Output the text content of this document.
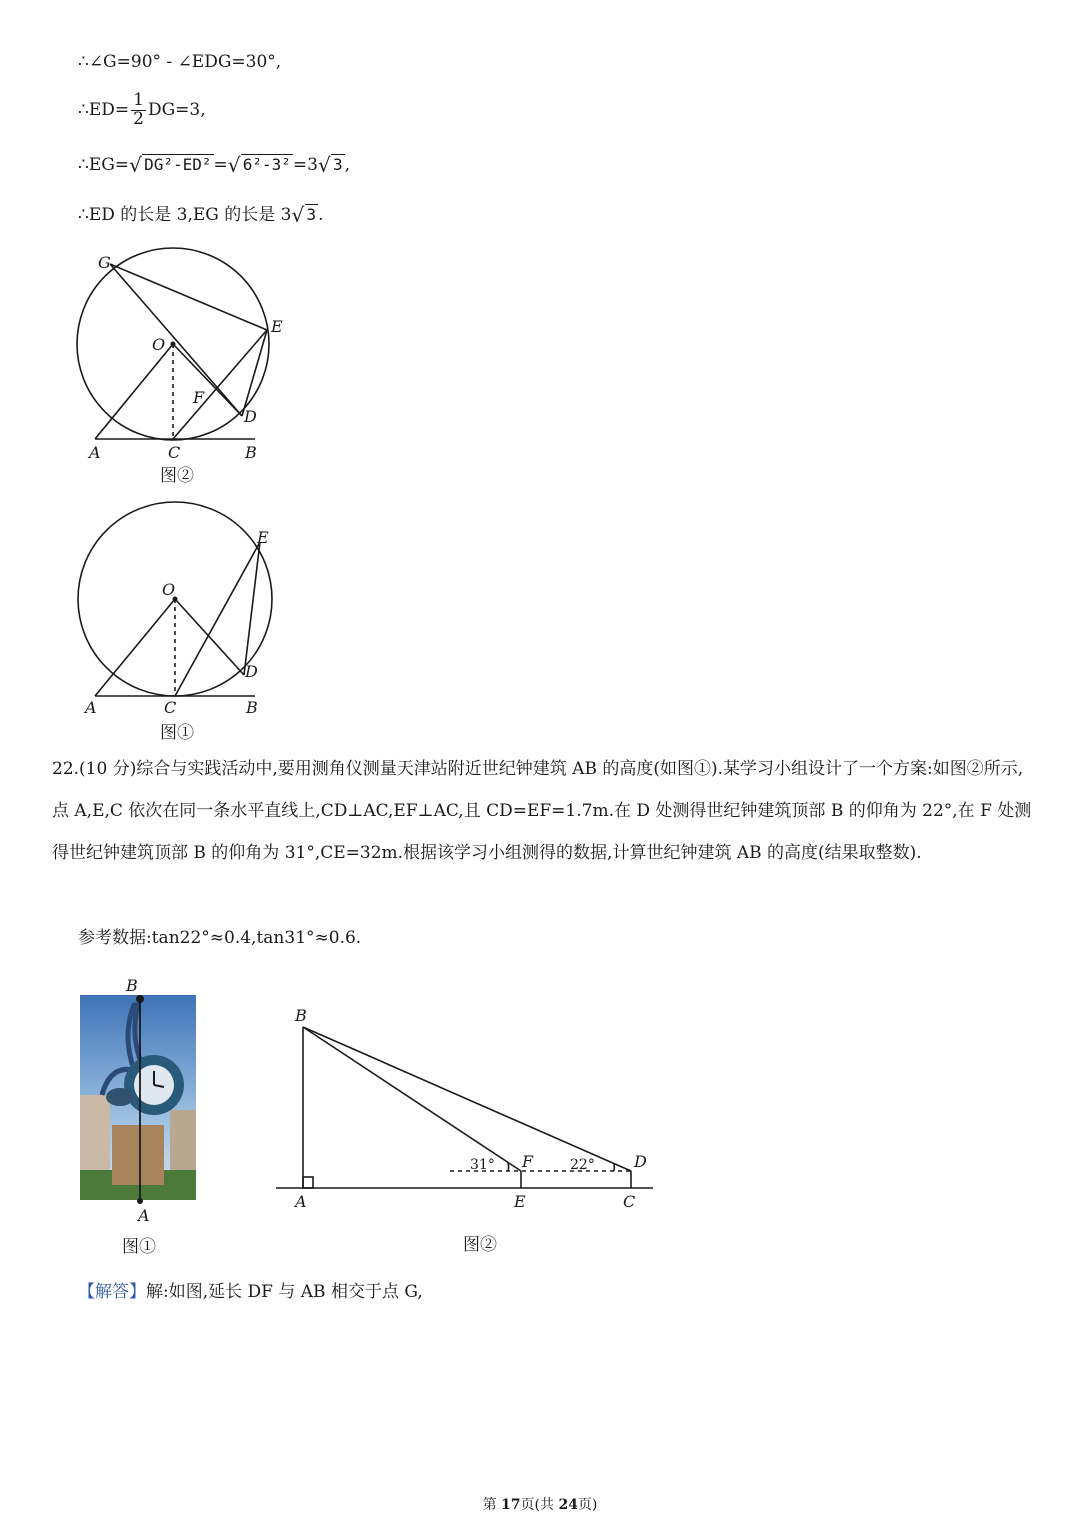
∴∠G=90° - ∠EDG=30°,
∴ED= $\frac{1}{2} DG=3$,
∴EG= √ DG²-ED² = √ 6²-3² =3 √ 3 ,
∴ED 的长是 3,EG 的长是 3 √ 3 .
G
E
O
F
D
A	C	B
图②
E
O
D
A	C	B
图①
22.(10 分)综合与实践活动中,要用测角仪测量天津站附近世纪钟建筑 AB 的高度(如图①).某学习小组设计了一个方案:如图②所示,点 A,E,C 依次在同一条水平直线上,CD⊥AC,EF⊥AC,且 CD=EF=1.7m.在 D 处测得世纪钟建筑顶部 B 的仰角为 22°,在 F 处测得世纪钟建筑顶部 B 的仰角为 31°,CE=32m.根据该学习小组测得的数据,计算世纪钟建筑 AB 的高度(结果取整数).
参考数据:tan22°≈0.4,tan31°≈0.6.
B
A
图①
B
A	E	C
F	D
31°	22°
图②
【解答】解:如图,延长 DF 与 AB 相交于点 G,
第 17页(共 24页)
